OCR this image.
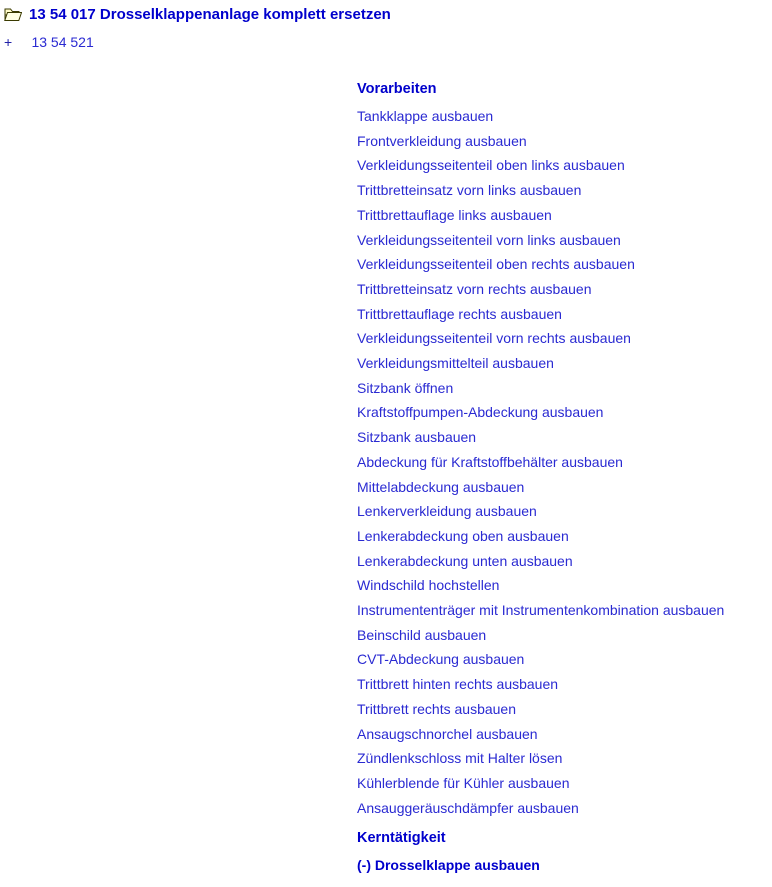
13 54 017 Drosselklappenanlage komplett ersetzen
+ 13 54 521
Vorarbeiten
Tankklappe ausbauen
Frontverkleidung ausbauen
Verkleidungsseitenteil oben links ausbauen
Trittbretteinsatz vorn links ausbauen
Trittbrettauflage links ausbauen
Verkleidungsseitenteil vorn links ausbauen
Verkleidungsseitenteil oben rechts ausbauen
Trittbretteinsatz vorn rechts ausbauen
Trittbrettauflage rechts ausbauen
Verkleidungsseitenteil vorn rechts ausbauen
Verkleidungsmittelteil ausbauen
Sitzbank öffnen
Kraftstoffpumpen-Abdeckung ausbauen
Sitzbank ausbauen
Abdeckung für Kraftstoffbehälter ausbauen
Mittelabdeckung ausbauen
Lenkerverkleidung ausbauen
Lenkerabdeckung oben ausbauen
Lenkerabdeckung unten ausbauen
Windschild hochstellen
Instrumententräger mit Instrumentenkombination ausbauen
Beinschild ausbauen
CVT-Abdeckung ausbauen
Trittbrett hinten rechts ausbauen
Trittbrett rechts ausbauen
Ansaugschnorchel ausbauen
Zündlenkschloss mit Halter lösen
Kühlerblende für Kühler ausbauen
Ansauggeräuschdämpfer ausbauen
Kerntätigkeit
(-) Drosselklappe ausbauen
